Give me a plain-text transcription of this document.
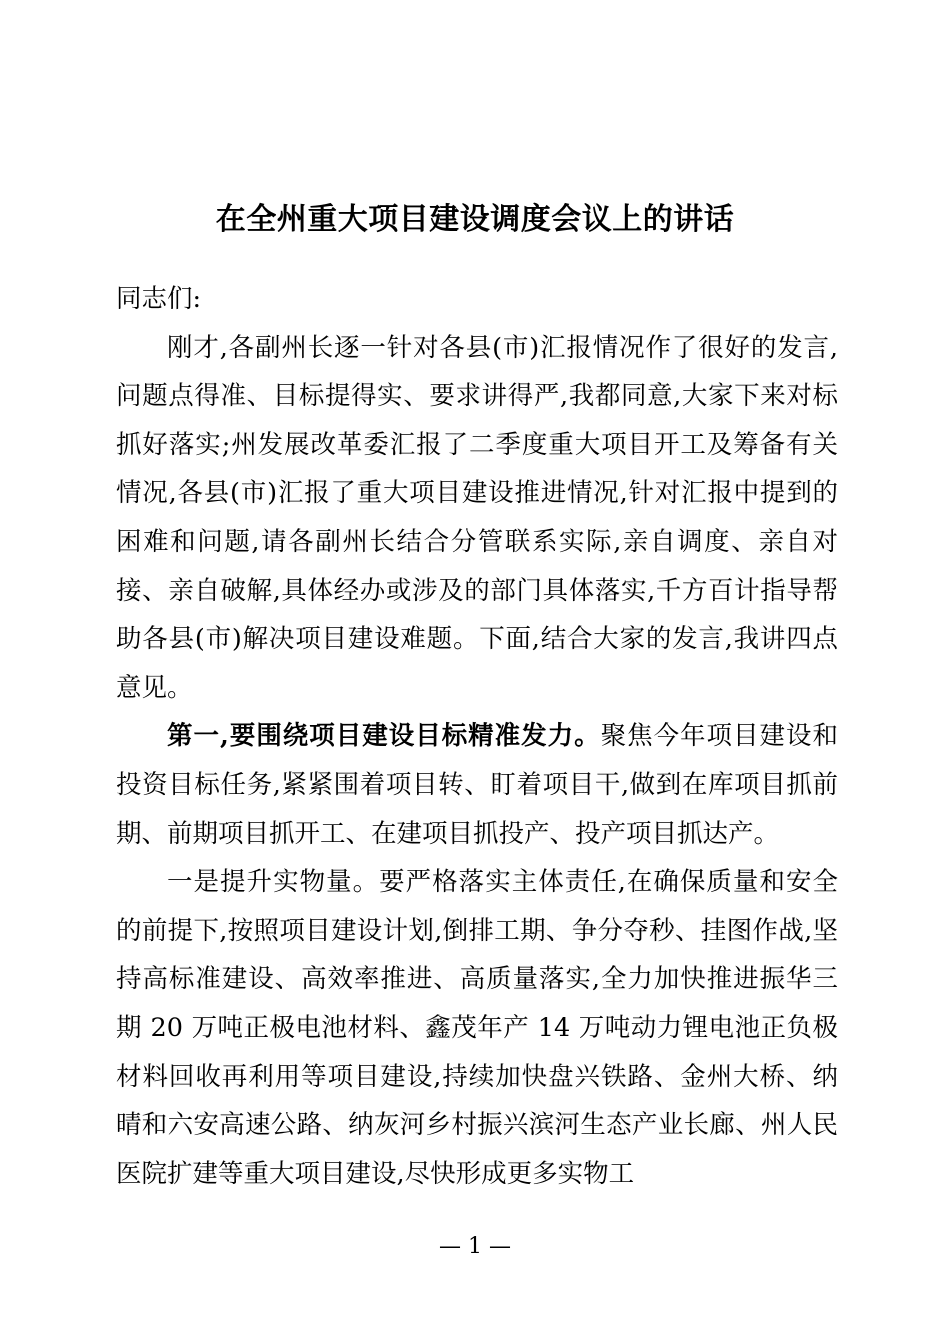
在全州重大项目建设调度会议上的讲话

同志们:

刚才,各副州长逐一针对各县(市)汇报情况作了很好的发言,问题点得准、目标提得实、要求讲得严,我都同意,大家下来对标抓好落实;州发展改革委汇报了二季度重大项目开工及筹备有关情况,各县(市)汇报了重大项目建设推进情况,针对汇报中提到的困难和问题,请各副州长结合分管联系实际,亲自调度、亲自对接、亲自破解,具体经办或涉及的部门具体落实,千方百计指导帮助各县(市)解决项目建设难题。下面,结合大家的发言,我讲四点意见。

第一,要围绕项目建设目标精准发力。聚焦今年项目建设和投资目标任务,紧紧围着项目转、盯着项目干,做到在库项目抓前期、前期项目抓开工、在建项目抓投产、投产项目抓达产。

一是提升实物量。要严格落实主体责任,在确保质量和安全的前提下,按照项目建设计划,倒排工期、争分夺秒、挂图作战,坚持高标准建设、高效率推进、高质量落实,全力加快推进振华三期 20 万吨正极电池材料、鑫茂年产 14 万吨动力锂电池正负极材料回收再利用等项目建设,持续加快盘兴铁路、金州大桥、纳晴和六安高速公路、纳灰河乡村振兴滨河生态产业长廊、州人民医院扩建等重大项目建设,尽快形成更多实物工

— 1 —
